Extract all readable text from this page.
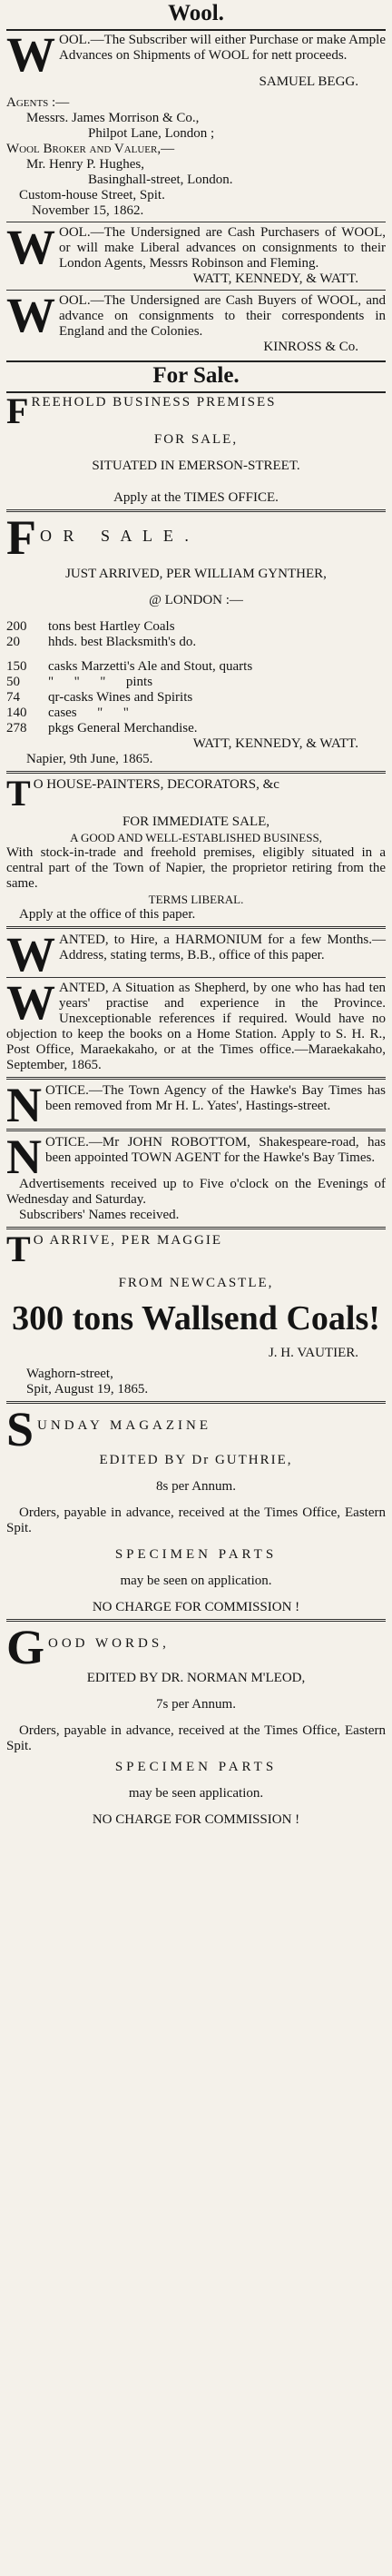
Wool.
W OOL.—The Subscriber will either Purchase or make Ample Advances on Shipments of WOOL for nett proceeds.

SAMUEL BEGG.
Agents :—
Messrs. James Morrison & Co.,
Philpot Lane, London ;
Wool Broker and Valuer,—
Mr. Henry P. Hughes,
Basinghall-street, London.
Custom-house Street, Spit.
November 15, 1862.
W OOL.—The Undersigned are Cash Purchasers of WOOL, or will make Liberal advances on consignments to their London Agents, Messrs Robinson and Fleming.

WATT, KENNEDY, & WATT.
W OOL.—The Undersigned are Cash Buyers of WOOL, and advance on consignments to their correspondents in England and the Colonies.

KINROSS & Co.
For Sale.
FREEHOLD BUSINESS PREMISES
FOR SALE,
SITUATED IN EMERSON-STREET.
Apply at the TIMES OFFICE.
F O R   S A L E .
JUST ARRIVED, PER WILLIAM GYNTHER,
@ LONDON :—
200	tons best Hartley Coals
20	hhds. best Blacksmith's do.
150	casks Marzetti's Ale and Stout, quarts
50	"      "      "      pints
74	qr-casks Wines and Spirits
140	cases      "      "
278	pkgs General Merchandise.
WATT, KENNEDY, & WATT.
Napier, 9th June, 1865.
T O HOUSE-PAINTERS, DECORATORS, &c
FOR IMMEDIATE SALE,
A GOOD AND WELL-ESTABLISHED BUSINESS,

With stock-in-trade and freehold premises, eligibly situated in a central part of the Town of Napier, the proprietor retiring from the same.

TERMS LIBERAL.
Apply at the office of this paper.
W ANTED, to Hire, a HARMONIUM for a few Months.—Address, stating terms, B.B., office of this paper.

W ANTED, A Situation as Shepherd, by one who has had ten years' practise and experience in the Province. Unexceptionable references if required. Would have no objection to keep the books on a Home Station. Apply to S. H. R., Post Office, Maraekakaho, or at the Times office.—Maraekakaho, September, 1865.

N OTICE.—The Town Agency of the Hawke's Bay Times has been removed from Mr H. L. Yates', Hastings-street.

N OTICE.—Mr JOHN ROBOTTOM, Shakespeare-road, has been appointed TOWN AGENT for the Hawke's Bay Times.

Advertisements received up to Five o'clock on the Evenings of Wednesday and Saturday.

Subscribers' Names received.
T O ARRIVE, PER MAGGIE
FROM NEWCASTLE,
300 tons Wallsend Coals!
J. H. VAUTIER.
Waghorn-street,
Spit, August 19, 1865.
SUNDAY MAGAZINE
EDITED BY Dr GUTHRIE,
8s per Annum.

Orders, payable in advance, received at the Times Office, Eastern Spit.

SPECIMEN PARTS
may be seen on application.
NO CHARGE FOR COMMISSION !
GOOD WORDS,
EDITED BY DR. NORMAN M'LEOD,
7s per Annum.

Orders, payable in advance, received at the Times Office, Eastern Spit.

SPECIMEN PARTS
may be seen application.
NO CHARGE FOR COMMISSION !
